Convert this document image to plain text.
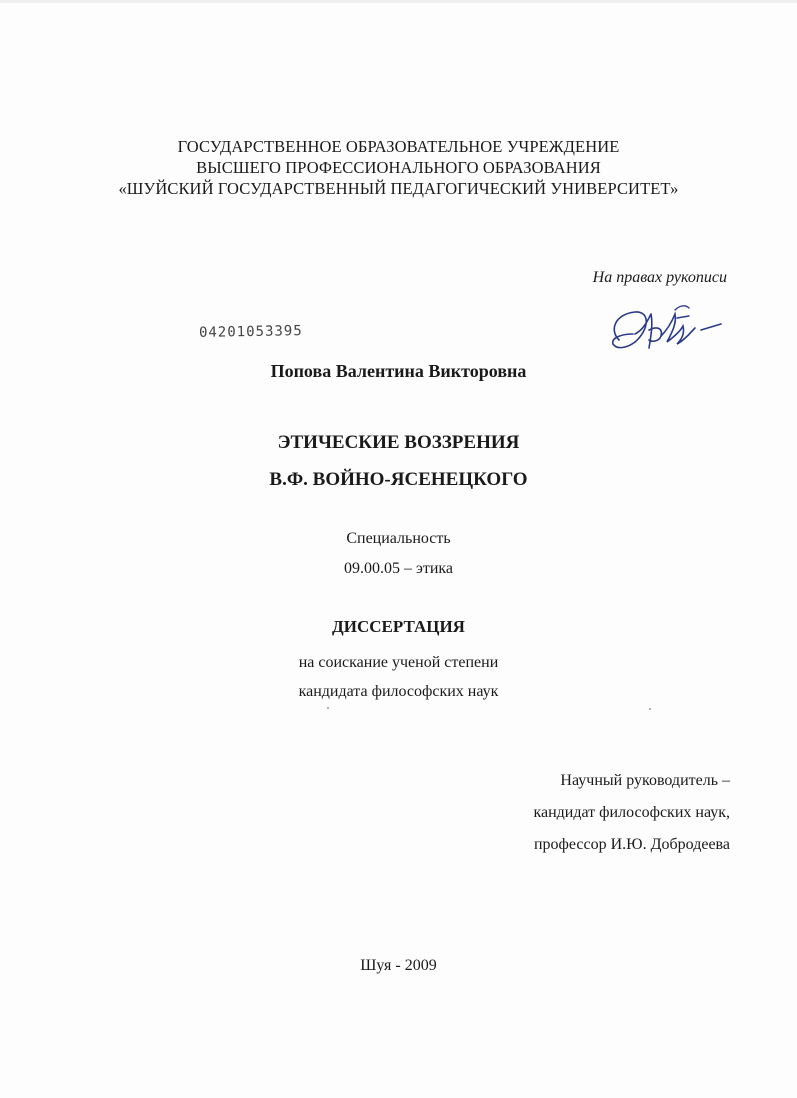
ГОСУДАРСТВЕННОЕ ОБРАЗОВАТЕЛЬНОЕ УЧРЕЖДЕНИЕ
ВЫСШЕГО ПРОФЕССИОНАЛЬНОГО ОБРАЗОВАНИЯ
«ШУЙСКИЙ ГОСУДАРСТВЕННЫЙ ПЕДАГОГИЧЕСКИЙ УНИВЕРСИТЕТ»
На правах рукописи
04201053395
Попова Валентина Викторовна
ЭТИЧЕСКИЕ ВОЗЗРЕНИЯ
В.Ф. ВОЙНО-ЯСЕНЕЦКОГО
Специальность
09.00.05 – этика
ДИССЕРТАЦИЯ
на соискание ученой степени
кандидата философских наук
Научный руководитель –
кандидат философских наук,
профессор И.Ю. Добродеева
Шуя - 2009
